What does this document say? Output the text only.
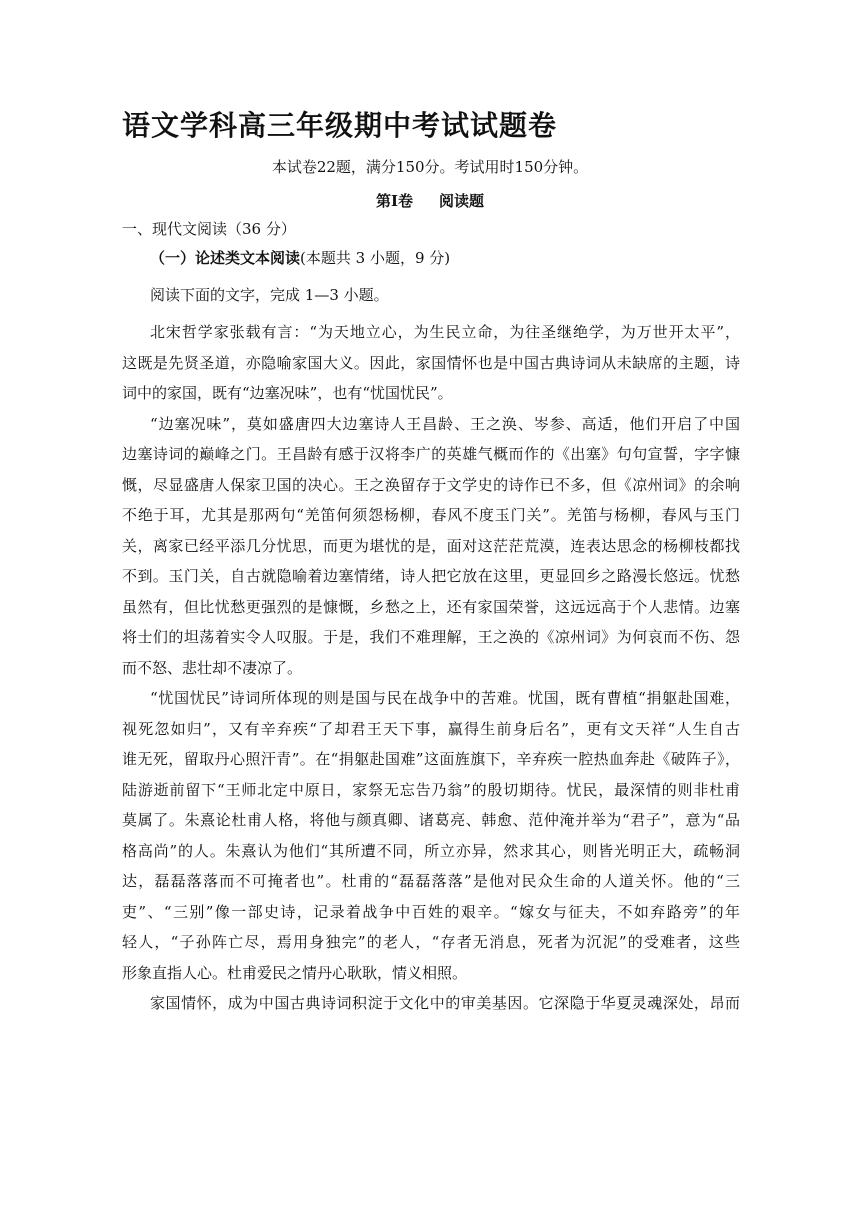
语文学科高三年级期中考试试题卷
本试卷22题，满分150分。考试用时150分钟。
第Ⅰ卷 阅读题
一、现代文阅读（36 分）
（一）论述类文本阅读(本题共 3 小题，9 分)
阅读下面的文字，完成 1—3 小题。
北宋哲学家张载有言：“为天地立心，为生民立命，为往圣继绝学，为万世开太平”，
这既是先贤圣道，亦隐喻家国大义。因此，家国情怀也是中国古典诗词从未缺席的主题，诗
词中的家国，既有“边塞况味”，也有“忧国忧民”。
“边塞况味”，莫如盛唐四大边塞诗人王昌龄、王之涣、岑参、高适，他们开启了中国
边塞诗词的巅峰之门。王昌龄有感于汉将李广的英雄气概而作的《出塞》句句宣誓，字字慷
慨，尽显盛唐人保家卫国的决心。王之涣留存于文学史的诗作已不多，但《凉州词》的余响
不绝于耳，尤其是那两句“羌笛何须怨杨柳，春风不度玉门关”。羌笛与杨柳，春风与玉门
关，离家已经平添几分忧思，而更为堪忧的是，面对这茫茫荒漠，连表达思念的杨柳枝都找
不到。玉门关，自古就隐喻着边塞情绪，诗人把它放在这里，更显回乡之路漫长悠远。忧愁
虽然有，但比忧愁更强烈的是慷慨，乡愁之上，还有家国荣誉，这远远高于个人悲情。边塞
将士们的坦荡着实令人叹服。于是，我们不难理解，王之涣的《凉州词》为何哀而不伤、怨
而不怒、悲壮却不凄凉了。
“忧国忧民”诗词所体现的则是国与民在战争中的苦难。忧国，既有曹植“捐躯赴国难，
视死忽如归”，又有辛弃疾“了却君王天下事，赢得生前身后名”，更有文天祥“人生自古
谁无死，留取丹心照汗青”。在“捐躯赴国难”这面旌旗下，辛弃疾一腔热血奔赴《破阵子》，
陆游逝前留下“王师北定中原日，家祭无忘告乃翁”的殷切期待。忧民，最深情的则非杜甫
莫属了。朱熹论杜甫人格，将他与颜真卿、诸葛亮、韩愈、范仲淹并举为“君子”，意为“品
格高尚”的人。朱熹认为他们“其所遭不同，所立亦异，然求其心，则皆光明正大，疏畅洞
达，磊磊落落而不可掩者也”。杜甫的“磊磊落落”是他对民众生命的人道关怀。他的“三
吏”、“三别”像一部史诗，记录着战争中百姓的艰辛。“嫁女与征夫，不如弃路旁”的年
轻人，“子孙阵亡尽，焉用身独完”的老人，“存者无消息，死者为沉泥”的受难者，这些
形象直指人心。杜甫爱民之情丹心耿耿，情义相照。
家国情怀，成为中国古典诗词积淀于文化中的审美基因。它深隐于华夏灵魂深处，昂而
